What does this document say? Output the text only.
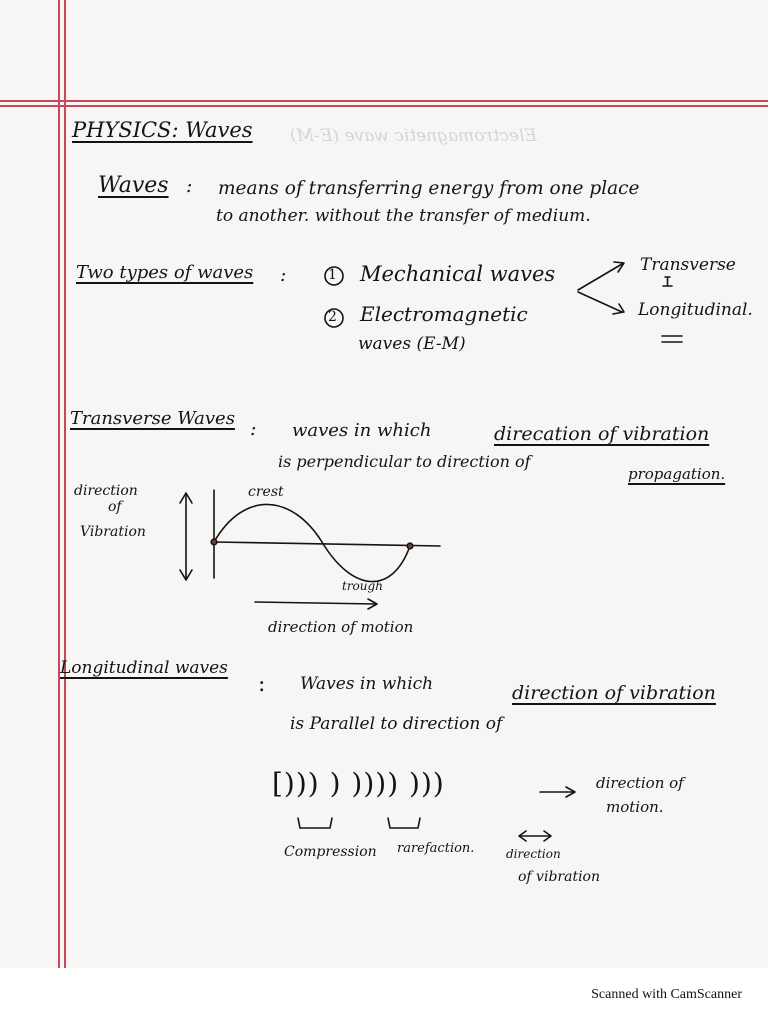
Electromagnetic wave (E-M)
PHYSICS: Waves
Waves : means of transferring energy from one place
to another. without the transfer of medium.
Two types of waves :	1 Mechanical waves
2 Electromagnetic
waves (E-M)
Transverse
Longitudinal.
Transverse Waves : waves in which	direcation of vibration
is perpendicular to direction of
propagation.
direction
of
Vibration
crest
trough
direction of motion
Longitudinal waves
: Waves in which	direction of vibration
is Parallel to direction of
[))) ) )))) )))	direction of
motion.
Compression rarefaction.	direction
of vibration
Scanned with CamScanner
